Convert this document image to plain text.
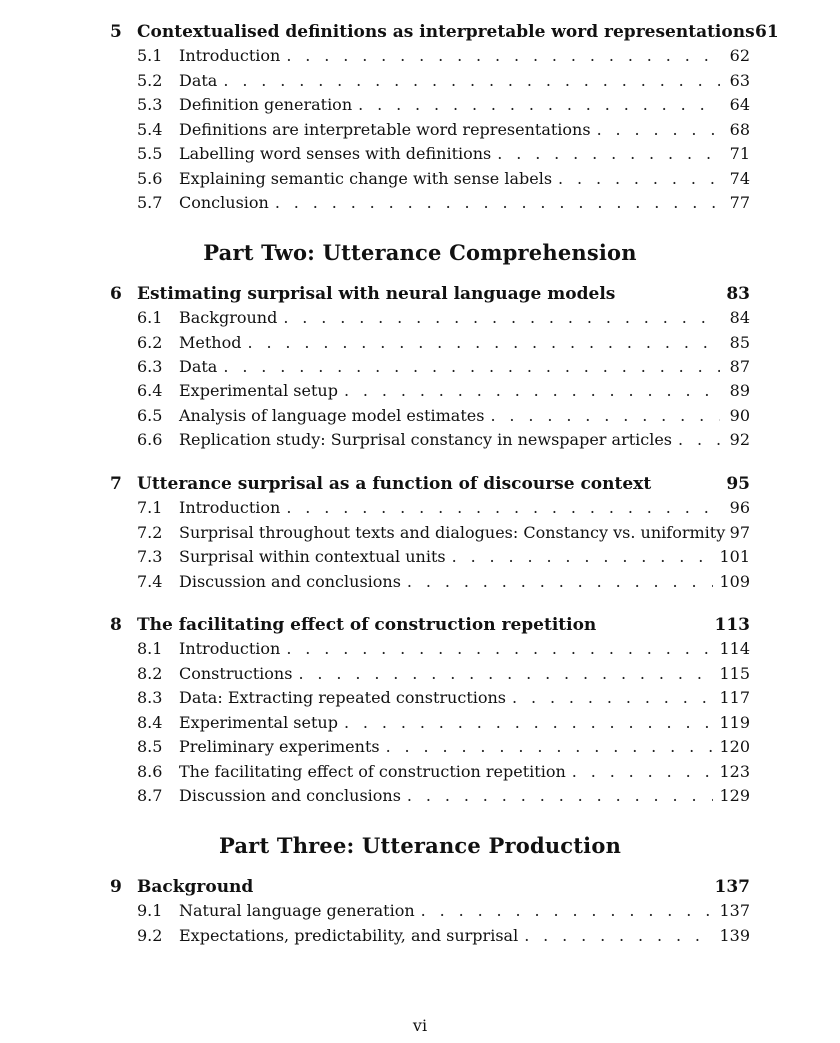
5 Contextualised definitions as interpretable word representations 61
5.1	Introduction . . .	62
5.2	Data . . .	63
5.3	Definition generation . . .	64
5.4	Definitions are interpretable word representations . . .	68
5.5	Labelling word senses with definitions . . .	71
5.6	Explaining semantic change with sense labels . . .	74
5.7	Conclusion . . .	77
Part Two: Utterance Comprehension
6 Estimating surprisal with neural language models	83
6.1	Background . . .	84
6.2	Method . . .	85
6.3	Data . . .	87
6.4	Experimental setup . . .	89
6.5	Analysis of language model estimates . . .	90
6.6	Replication study: Surprisal constancy in newspaper articles . . .	92
7 Utterance surprisal as a function of discourse context	95
7.1	Introduction . . .	96
7.2	Surprisal throughout texts and dialogues: Constancy vs. uniformity 97
7.3	Surprisal within contextual units . . .	101
7.4	Discussion and conclusions . . .	109
8 The facilitating effect of construction repetition	113
8.1	Introduction . . .	114
8.2	Constructions . . .	115
8.3	Data: Extracting repeated constructions . . .	117
8.4	Experimental setup . . .	119
8.5	Preliminary experiments . . .	120
8.6	The facilitating effect of construction repetition . . .	123
8.7	Discussion and conclusions . . .	129
Part Three: Utterance Production
9 Background	137
9.1	Natural language generation . . .	137
9.2	Expectations, predictability, and surprisal . . .	139
vi
